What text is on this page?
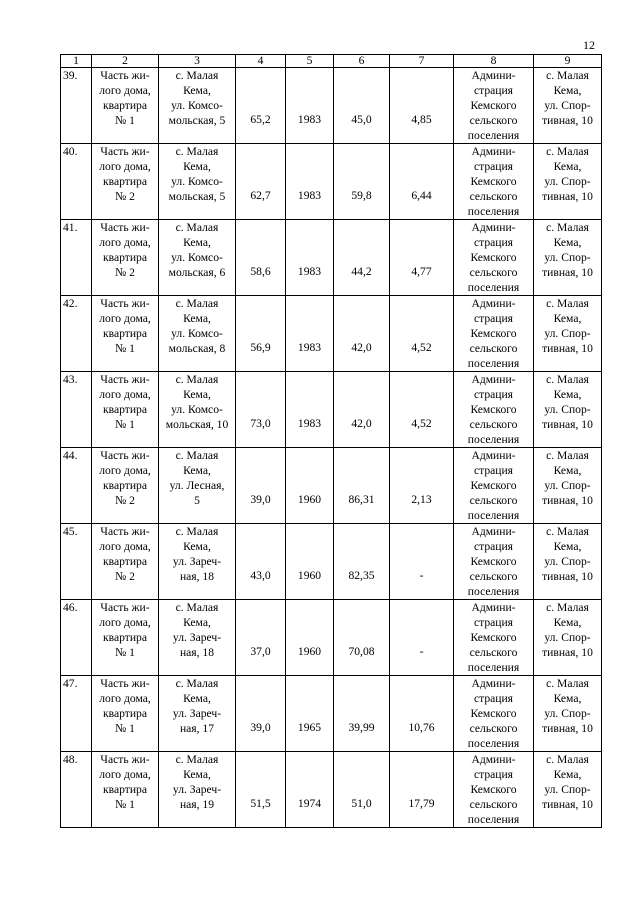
12
1	2	3	4	5	6	7	8	9
39.	Часть жи-
лого дома,
квартира
№ 1	с. Малая
Кема,
ул. Комсо-
мольская, 5	65,2	1983	45,0	4,85	Админи-
страция
Кемского
сельского
поселения	с. Малая
Кема,
ул. Спор-
тивная, 10

40.	Часть жи-
лого дома,
квартира
№ 2	с. Малая
Кема,
ул. Комсо-
мольская, 5	62,7	1983	59,8	6,44	Админи-
страция
Кемского
сельского
поселения	с. Малая
Кема,
ул. Спор-
тивная, 10

41.	Часть жи-
лого дома,
квартира
№ 2	с. Малая
Кема,
ул. Комсо-
мольская, 6	58,6	1983	44,2	4,77	Админи-
страция
Кемского
сельского
поселения	с. Малая
Кема,
ул. Спор-
тивная, 10

42.	Часть жи-
лого дома,
квартира
№ 1	с. Малая
Кема,
ул. Комсо-
мольская, 8	56,9	1983	42,0	4,52	Админи-
страция
Кемского
сельского
поселения	с. Малая
Кема,
ул. Спор-
тивная, 10

43.	Часть жи-
лого дома,
квартира
№ 1	с. Малая
Кема,
ул. Комсо-
мольская, 10	73,0	1983	42,0	4,52	Админи-
страция
Кемского
сельского
поселения	с. Малая
Кема,
ул. Спор-
тивная, 10

44.	Часть жи-
лого дома,
квартира
№ 2	с. Малая
Кема,
ул. Лесная,
5	39,0	1960	86,31	2,13	Админи-
страция
Кемского
сельского
поселения	с. Малая
Кема,
ул. Спор-
тивная, 10

45.	Часть жи-
лого дома,
квартира
№ 2	с. Малая
Кема,
ул. Зареч-
ная, 18	43,0	1960	82,35	-	Админи-
страция
Кемского
сельского
поселения	с. Малая
Кема,
ул. Спор-
тивная, 10

46.	Часть жи-
лого дома,
квартира
№ 1	с. Малая
Кема,
ул. Зареч-
ная, 18	37,0	1960	70,08	-	Админи-
страция
Кемского
сельского
поселения	с. Малая
Кема,
ул. Спор-
тивная, 10

47.	Часть жи-
лого дома,
квартира
№ 1	с. Малая
Кема,
ул. Зареч-
ная, 17	39,0	1965	39,99	10,76	Админи-
страция
Кемского
сельского
поселения	с. Малая
Кема,
ул. Спор-
тивная, 10

48.	Часть жи-
лого дома,
квартира
№ 1	с. Малая
Кема,
ул. Зареч-
ная, 19	51,5	1974	51,0	17,79	Админи-
страция
Кемского
сельского
поселения	с. Малая
Кема,
ул. Спор-
тивная, 10
